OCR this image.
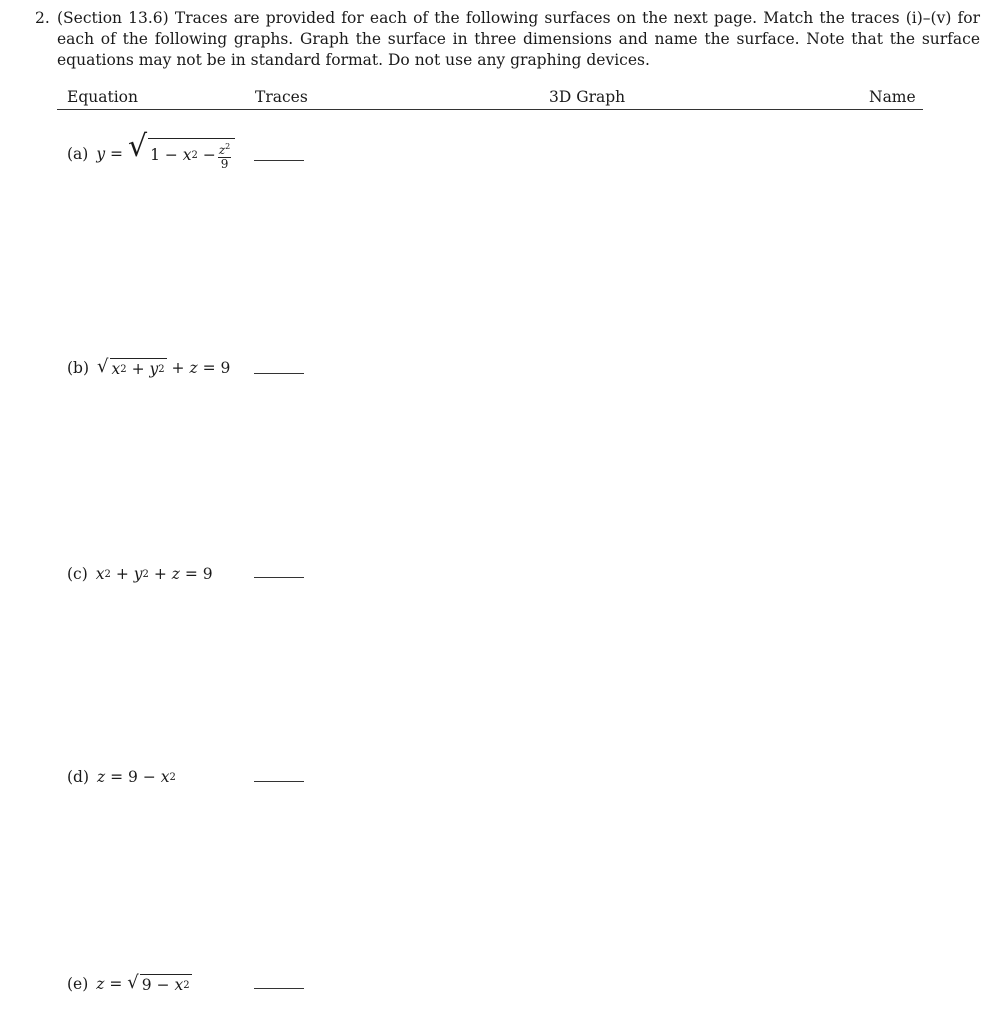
2. (Section 13.6) Traces are provided for each of the following surfaces on the next page. Match the traces (i)–(v) for each of the following graphs. Graph the surface in three dimensions and name the surface. Note that the surface equations may not be in standard format. Do not use any graphing devices.
Equation	Traces	3D Graph	Name
(a) y =
√ 1 − x $2 - \frac{z^2}{9}$
(b) √ x 2 + y 2 + z = 9
(c) x 2 + y 2 + z = 9
(d) z = 9 − x 2
(e) z = √ 9 − x 2
